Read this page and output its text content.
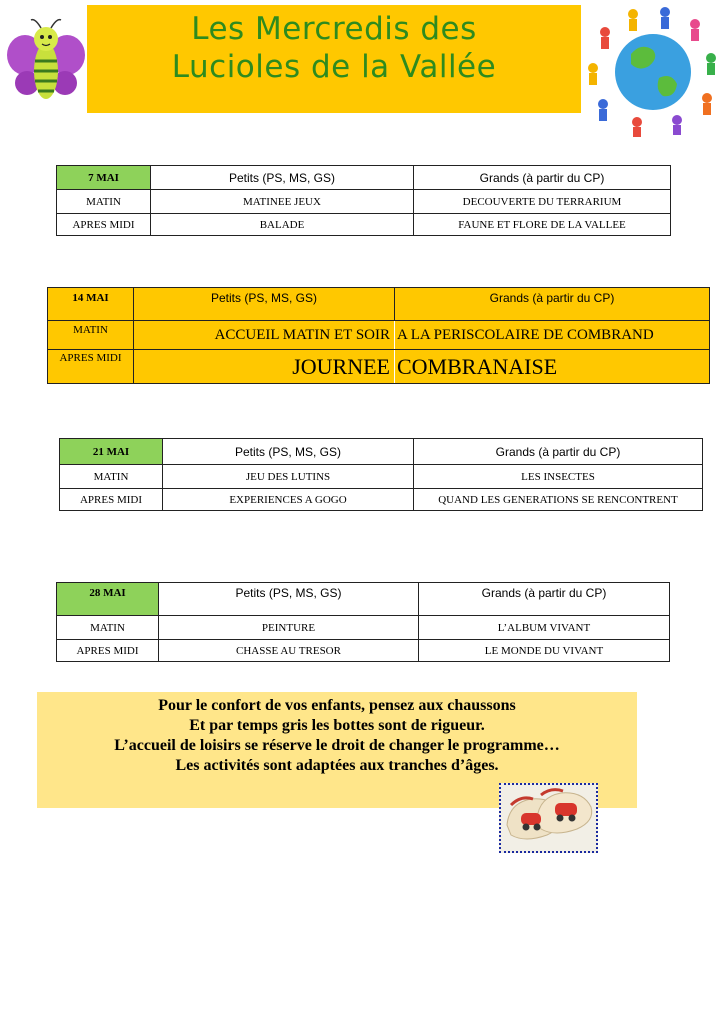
Les Mercredis des
Lucioles de la Vallée
7 MAI	Petits (PS, MS, GS)	Grands (à partir du CP)
MATIN	MATINEE JEUX	DECOUVERTE DU TERRARIUM
APRES MIDI	BALADE	FAUNE ET FLORE DE LA VALLEE
14 MAI	Petits (PS, MS, GS)	Grands (à partir du CP)
MATIN	ACCUEIL MATIN ET SOIR	A LA PERISCOLAIRE DE COMBRAND
APRES MIDI	JOURNEE	COMBRANAISE
21 MAI	Petits (PS, MS, GS)	Grands (à partir du CP)
MATIN	JEU DES LUTINS	LES INSECTES
APRES MIDI	EXPERIENCES A GOGO	QUAND LES GENERATIONS SE RENCONTRENT
28 MAI	Petits (PS, MS, GS)	Grands (à partir du CP)
MATIN	PEINTURE	L’ALBUM VIVANT
APRES MIDI	CHASSE AU TRESOR	LE MONDE DU VIVANT
Pour le confort de vos enfants, pensez aux chaussons
Et par temps gris les bottes sont de rigueur.
L’accueil de loisirs se réserve le droit de changer le programme…
Les activités sont adaptées aux tranches d’âges.
